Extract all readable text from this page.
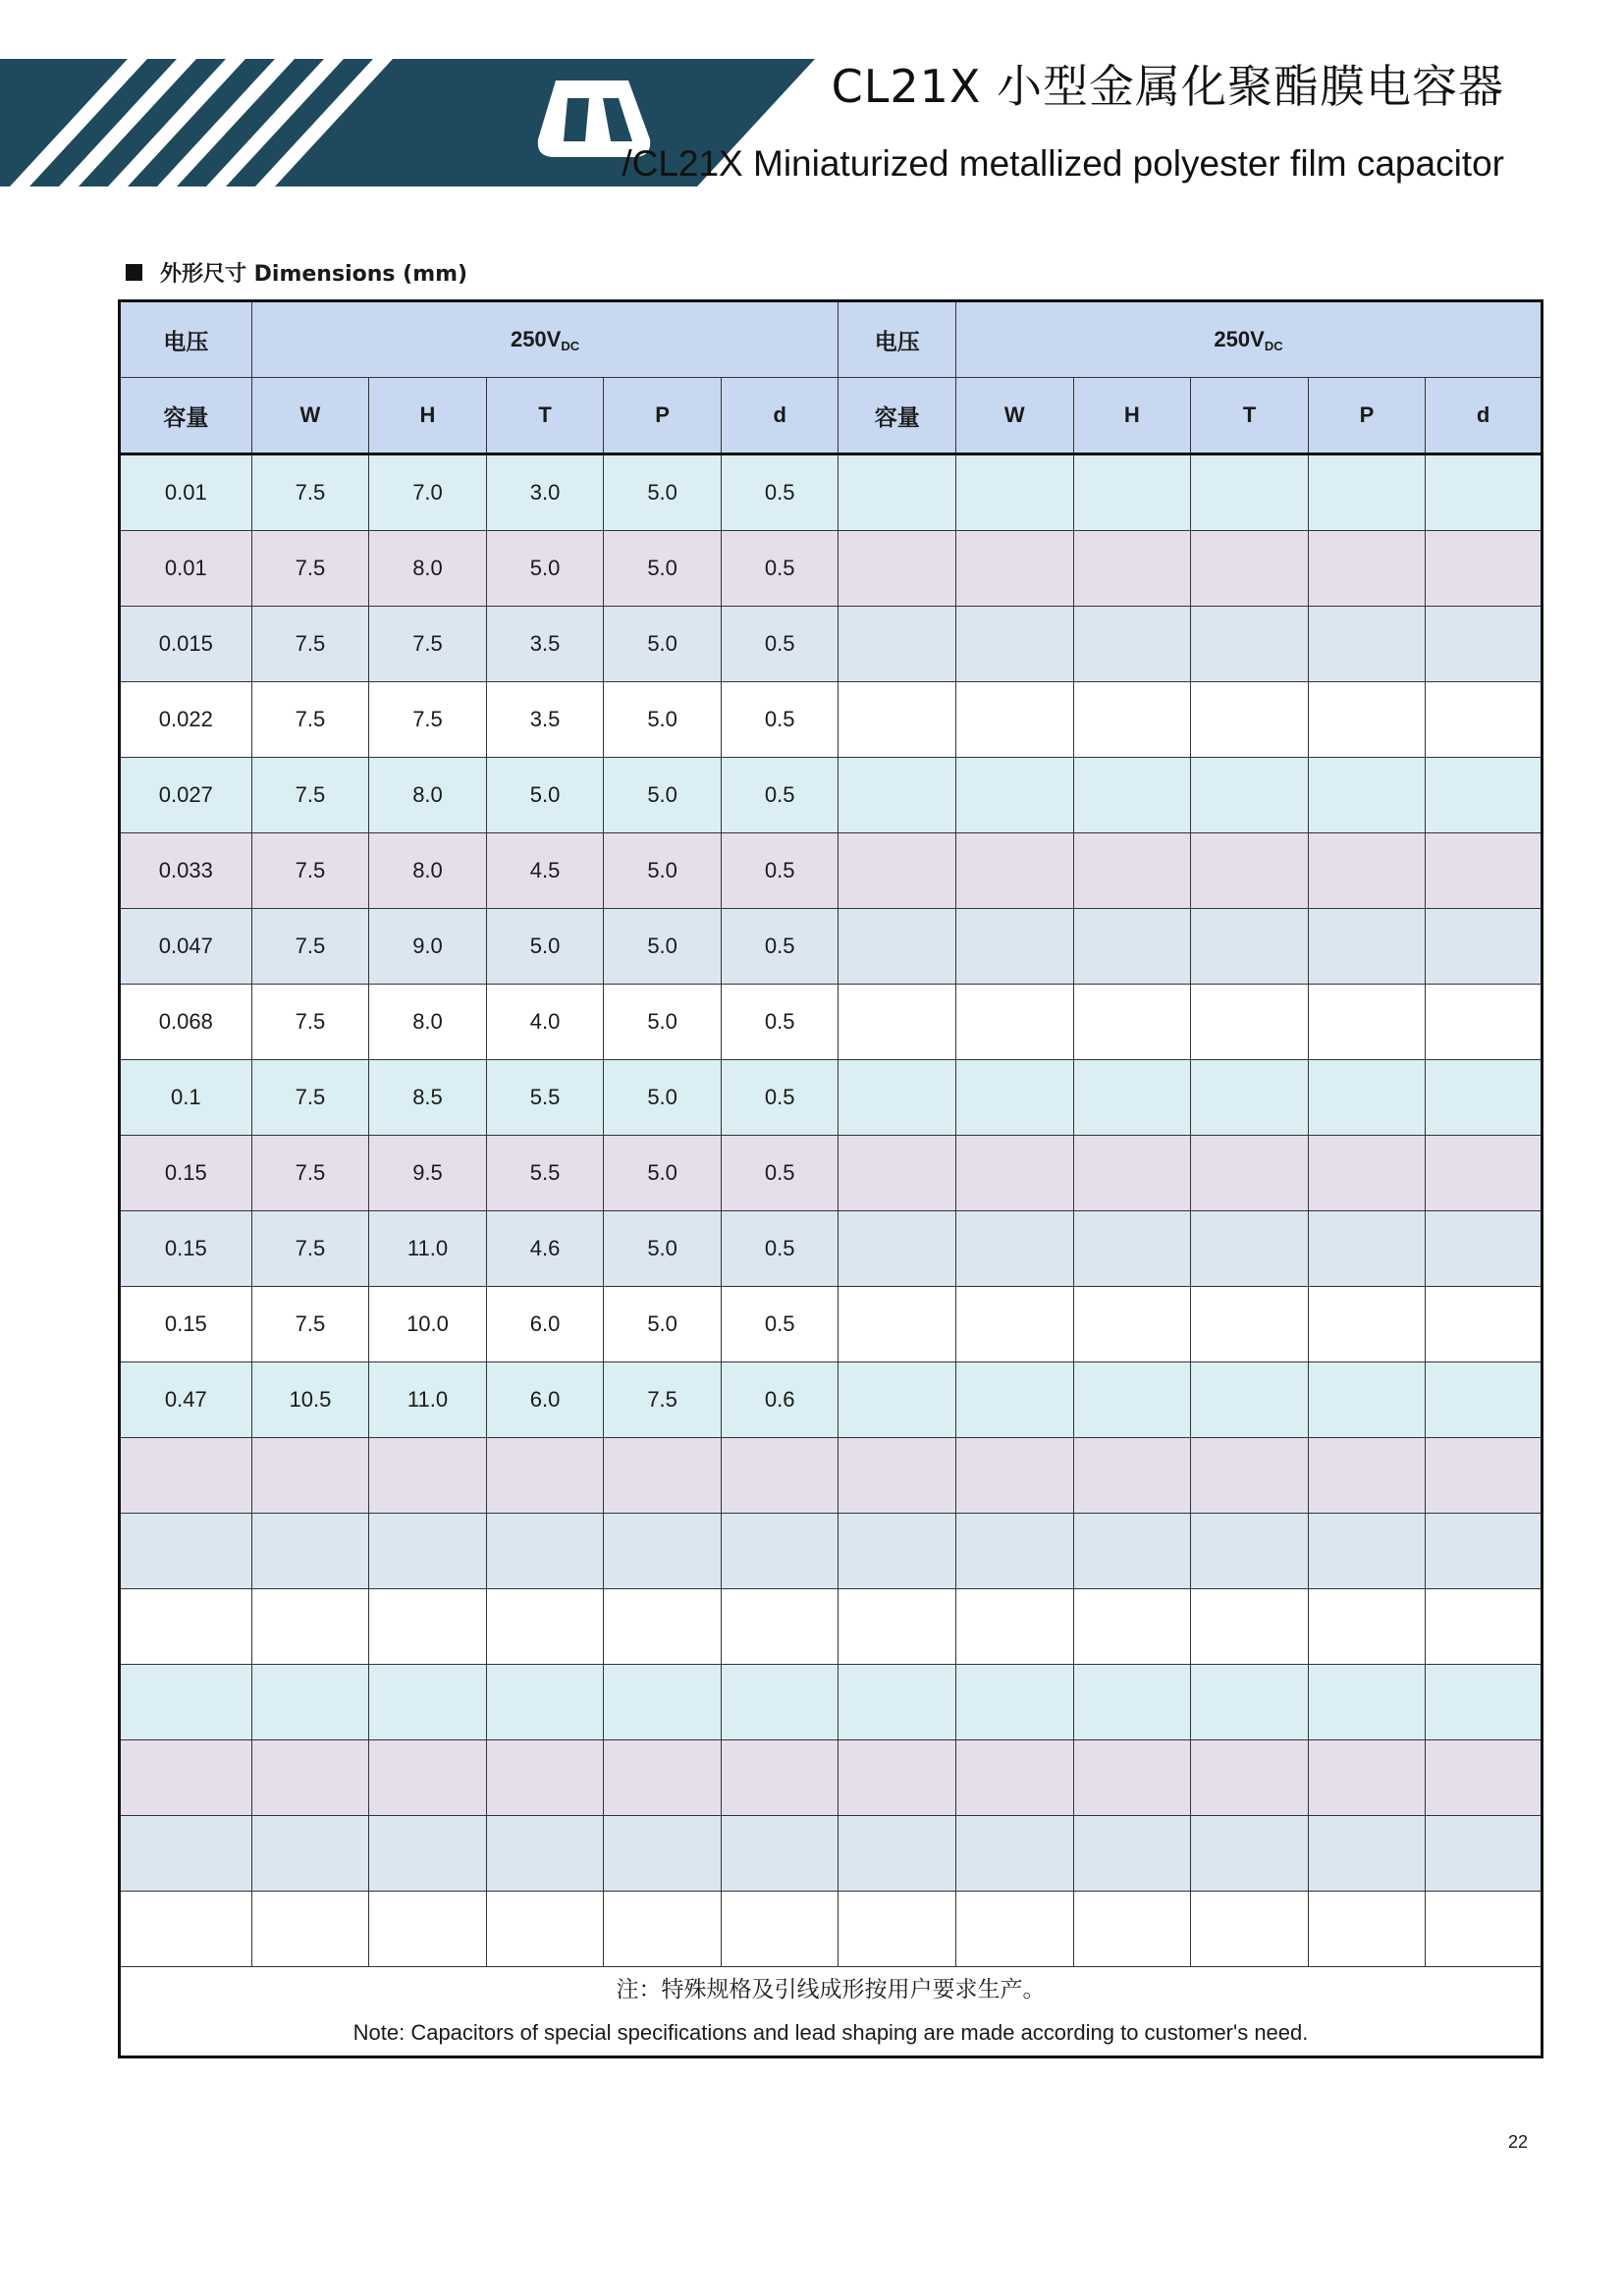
CL21X 小型金属化聚酯膜电容器
/CL21X Miniaturized metallized polyester film capacitor
外形尺寸 Dimensions (mm)
电压	$250V_{DC}$					电压	$250V_{DC}$
容量	W	H	T	P	d	容量	W	H	T	P	d
0.01	7.5	7.0	3.0	5.0	0.5						
0.01	7.5	8.0	5.0	5.0	0.5						
0.015	7.5	7.5	3.5	5.0	0.5						
0.022	7.5	7.5	3.5	5.0	0.5						
0.027	7.5	8.0	5.0	5.0	0.5						
0.033	7.5	8.0	4.5	5.0	0.5						
0.047	7.5	9.0	5.0	5.0	0.5						
0.068	7.5	8.0	4.0	5.0	0.5						
0.1	7.5	8.5	5.5	5.0	0.5						
0.15	7.5	9.5	5.5	5.0	0.5						
0.15	7.5	11.0	4.6	5.0	0.5						
0.15	7.5	10.0	6.0	5.0	0.5						
0.47	10.5	11.0	6.0	7.5	0.6						

注：特殊规格及引线成形按用户要求生产。
Note: Capacitors of special specifications and lead shaping are made according to customer's need.											
22
